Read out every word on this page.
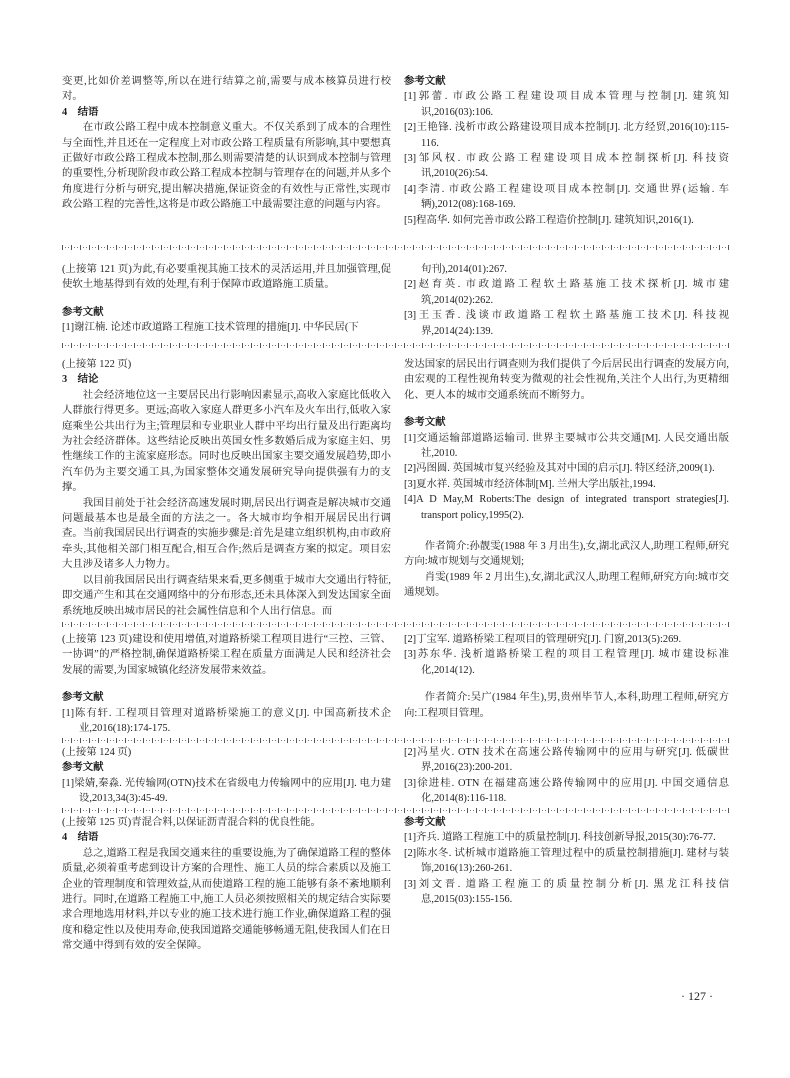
变更,比如价差调整等,所以在进行结算之前,需要与成本核算员进行校对。

4　结语

在市政公路工程中成本控制意义重大。不仅关系到了成本的合理性与全面性,并且还在一定程度上对市政公路工程质量有所影响,其中要想真正做好市政公路工程成本控制,那么则需要清楚的认识到成本控制与管理的重要性,分析现阶段市政公路工程成本控制与管理存在的问题,并从多个角度进行分析与研究,提出解决措施,保证资金的有效性与正常性,实现市政公路工程的完善性,这将是市政公路施工中最需要注意的问题与内容。

参考文献

[1]郭蕾. 市政公路工程建设项目成本管理与控制[J]. 建筑知识,2016(03):106.

[2]王艳锋. 浅析市政公路建设项目成本控制[J]. 北方经贸,2016(10):115-116.

[3]邹风权. 市政公路工程建设项目成本控制探析[J]. 科技资讯,2010(26):54.

[4]李清. 市政公路工程建设项目成本控制[J]. 交通世界(运输. 车辆),2012(08):168-169.

[5]程高华. 如何完善市政公路工程造价控制[J]. 建筑知识,2016(1).

(上接第 121 页)为此,有必要重视其施工技术的灵活运用,并且加强管理,促使软土地基得到有效的处理,有利于保障市政道路施工质量。

参考文献

[1]谢江楠. 论述市政道路工程施工技术管理的措施[J]. 中华民居(下

旬刊),2014(01):267.

[2]赵育英. 市政道路工程软土路基施工技术探析[J]. 城市建筑,2014(02):262.

[3]王玉香. 浅谈市政道路工程软土路基施工技术[J]. 科技视界,2014(24):139.

(上接第 122 页)

3　结论

社会经济地位这一主要居民出行影响因素显示,高收入家庭比低收入人群旅行得更多。更远;高收入家庭人群更多小汽车及火车出行,低收入家庭乘坐公共出行为主;管理层和专业职业人群中平均出行量及出行距离均为社会经济群体。这些结论反映出英国女性多数婚后成为家庭主妇、男性继续工作的主流家庭形态。同时也反映出国家主要交通发展趋势,即小汽车仍为主要交通工具,为国家整体交通发展研究导向提供强有力的支撑。

我国目前处于社会经济高速发展时期,居民出行调查是解决城市交通问题最基本也是最全面的方法之一。各大城市均争相开展居民出行调查。当前我国居民出行调查的实施步骤是:首先是建立组织机构,由市政府牵头,其他相关部门相互配合,相互合作;然后是调查方案的拟定。项目宏大且涉及诸多人力物力。

以目前我国居民出行调查结果来看,更多侧重于城市大交通出行特征,即交通产生和其在交通网络中的分布形态,还未具体深入到发达国家全面系统地反映出城市居民的社会属性信息和个人出行信息。而

发达国家的居民出行调查则为我们提供了今后居民出行调查的发展方向,由宏观的工程性视角转变为微观的社会性视角,关注个人出行,为更精细化、更人本的城市交通系统而不断努力。

参考文献

[1]交通运输部道路运输司. 世界主要城市公共交通[M]. 人民交通出版社,2010.

[2]冯图圆. 英国城市复兴经验及其对中国的启示[J]. 特区经济,2009(1).

[3]夏水祥. 英国城市经济体制[M]. 兰州大学出版社,1994.

[4]A D May,M Roberts:The design of integrated transport strategies[J]. transport policy,1995(2).

作者简介:孙靓雯(1988 年 3 月出生),女,湖北武汉人,助理工程师,研究方向:城市规划与交通规划;

肖雯(1989 年 2 月出生),女,湖北武汉人,助理工程师,研究方向:城市交通规划。

(上接第 123 页)建设和使用增值,对道路桥梁工程项目进行“三控、三管、一协调”的严格控制,确保道路桥梁工程在质量方面满足人民和经济社会发展的需要,为国家城镇化经济发展带来效益。

参考文献

[1]陈有轩. 工程项目管理对道路桥梁施工的意义[J]. 中国高新技术企业,2016(18):174-175.

[2]丁宝军. 道路桥梁工程项目的管理研究[J]. 门窗,2013(5):269.

[3]苏东华. 浅析道路桥梁工程的项目工程管理[J]. 城市建设标准化,2014(12).

作者简介:吴广(1984 年生),男,贵州毕节人,本科,助理工程师,研究方向:工程项目管理。

(上接第 124 页)

参考文献

[1]梁婧,秦淼. 光传输网(OTN)技术在省级电力传输网中的应用[J]. 电力建设,2013,34(3):45-49.

[2]冯星火. OTN 技术在高速公路传输网中的应用与研究[J]. 低碳世界,2016(23):200-201.

[3]徐进桂. OTN 在福建高速公路传输网中的应用[J]. 中国交通信息化,2014(8):116-118.

(上接第 125 页)青混合料,以保证沥青混合料的优良性能。

4　结语

总之,道路工程是我国交通来往的重要设施,为了确保道路工程的整体质量,必须着重考虑到设计方案的合理性、施工人员的综合素质以及施工企业的管理制度和管理效益,从而使道路工程的施工能够有条不紊地顺利进行。同时,在道路工程施工中,施工人员必须按照相关的规定结合实际要求合理地选用材料,并以专业的施工技术进行施工作业,确保道路工程的强度和稳定性以及使用寿命,使我国道路交通能够畅通无阻,使我国人们在日常交通中得到有效的安全保障。

参考文献

[1]齐兵. 道路工程施工中的质量控制[J]. 科技创新导报,2015(30):76-77.

[2]陈水冬. 试析城市道路施工管理过程中的质量控制措施[J]. 建材与装饰,2016(13):260-261.

[3]刘文晋. 道路工程施工的质量控制分析[J]. 黑龙江科技信息,2015(03):155-156.

· 127 ·
